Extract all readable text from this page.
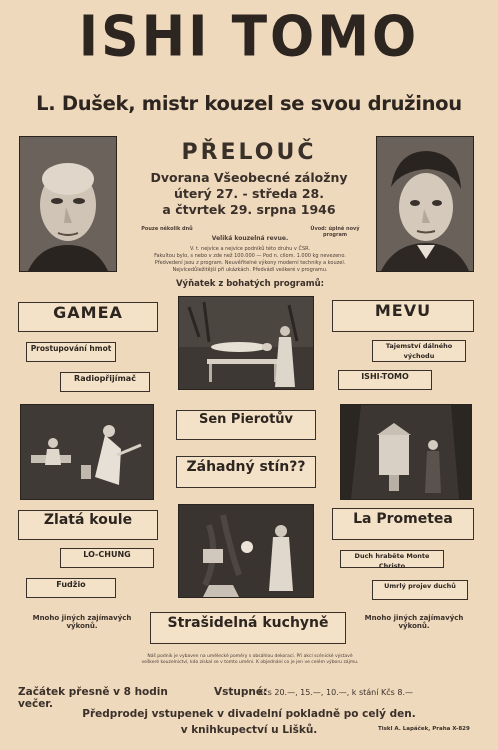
ISHI TOMO
L. Dušek, mistr kouzel se svou družinou
PŘELOUČ
Dvorana Všeobecné záložny
úterý 27. - středa 28.
a čtvrtek 29. srpna 1946
Pouze několik dnů	Úvod: úplně nový program
Veliká kouzelná revue.
V. t. nejvíce a nejvíce podniků této druhu v ČSR.
Fakultou bylo, s nebo v zde než 100.000 — Pod n. cilom. 1.000 kg nevezeno.
Předvedení jsou z program. Neuvěřitelné výkony moderní techniky a kouzel.
Nejvícedůležitější při ukázkách. Předvádí veškeré v programu.
Výňatek z bohatých programů:
GAMEA	MEVU
Prostupování hmot	Tajemství dálného východu
Radiopřijímač	ISHI-TOMO
Sen Pierotův
Záhadný stín??
Zlatá koule	La Prometea
LO-CHUNG	Duch hraběte Monte Christo
Fudžio	Umrlý projev duchů
Mnoho jiných zajímavých výkonů.
Mnoho jiných zajímavých výkonů.
Strašidelná kuchyně
Náš podnik je vybaven na umělecké poměry s obsáhlou dekorací. Při akcí scénické výstavě veškeré kouzelnictví, kdo získal se v tomto uměni. K objednání co je jen ve celém výboru zájmu.
Začátek přesně v 8 hodin večer.
Vstupné:
Kčs 20.—, 15.—, 10.—, k stání Kčs 8.—
Předprodej vstupenek v divadelní pokladně po celý den.
v knihkupectví u Lišků.	Tiskl A. Lapáček, Praha X-829
